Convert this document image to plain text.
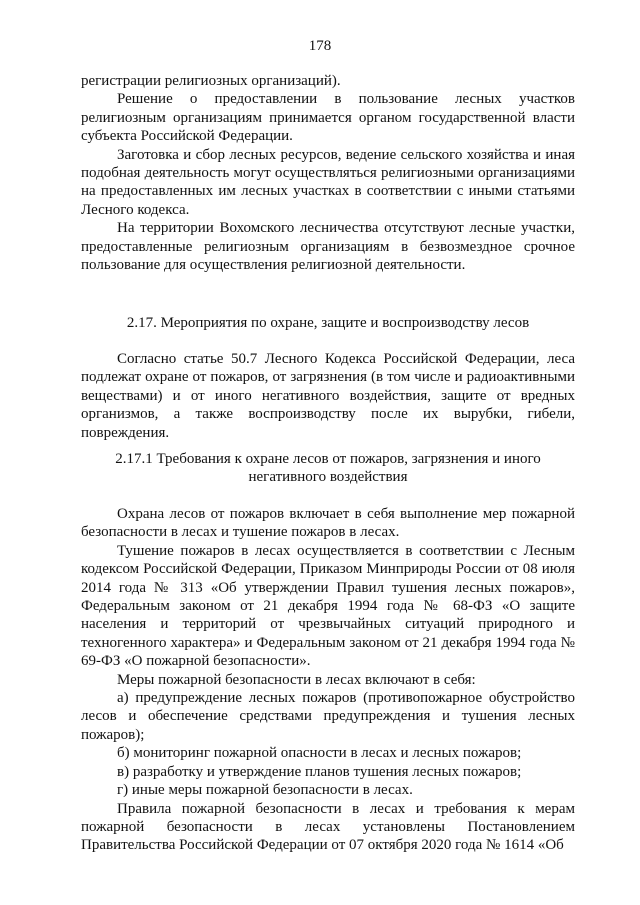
178

регистрации религиозных организаций).

Решение о предоставлении в пользование лесных участков религиозным организациям принимается органом государственной власти субъекта Российской Федерации.

Заготовка и сбор лесных ресурсов, ведение сельского хозяйства и иная подобная деятельность могут осуществляться религиозными организациями на предоставленных им лесных участках в соответствии с иными статьями Лесного кодекса.

На территории Вохомского лесничества отсутствуют лесные участки, предоставленные религиозным организациям в безвозмездное срочное пользование для осуществления религиозной деятельности.

2.17. Мероприятия по охране, защите и воспроизводству лесов

Согласно статье 50.7 Лесного Кодекса Российской Федерации, леса подлежат охране от пожаров, от загрязнения (в том числе и радиоактивными веществами) и от иного негативного воздействия, защите от вредных организмов, а также воспроизводству после их вырубки, гибели, повреждения.

2.17.1 Требования к охране лесов от пожаров, загрязнения и иного негативного воздействия

Охрана лесов от пожаров включает в себя выполнение мер пожарной безопасности в лесах и тушение пожаров в лесах.

Тушение пожаров в лесах осуществляется в соответствии с Лесным кодексом Российской Федерации, Приказом Минприроды России от 08 июля 2014 года № 313 «Об утверждении Правил тушения лесных пожаров», Федеральным законом от 21 декабря 1994 года № 68-ФЗ «О защите населения и территорий от чрезвычайных ситуаций природного и техногенного характера» и Федеральным законом от 21 декабря 1994 года № 69-ФЗ «О пожарной безопасности».

Меры пожарной безопасности в лесах включают в себя:

а) предупреждение лесных пожаров (противопожарное обустройство лесов и обеспечение средствами предупреждения и тушения лесных пожаров);

б) мониторинг пожарной опасности в лесах и лесных пожаров;

в) разработку и утверждение планов тушения лесных пожаров;

г) иные меры пожарной безопасности в лесах.

Правила пожарной безопасности в лесах и требования к мерам пожарной безопасности в лесах установлены Постановлением Правительства Российской Федерации от 07 октября 2020 года № 1614 «Об
